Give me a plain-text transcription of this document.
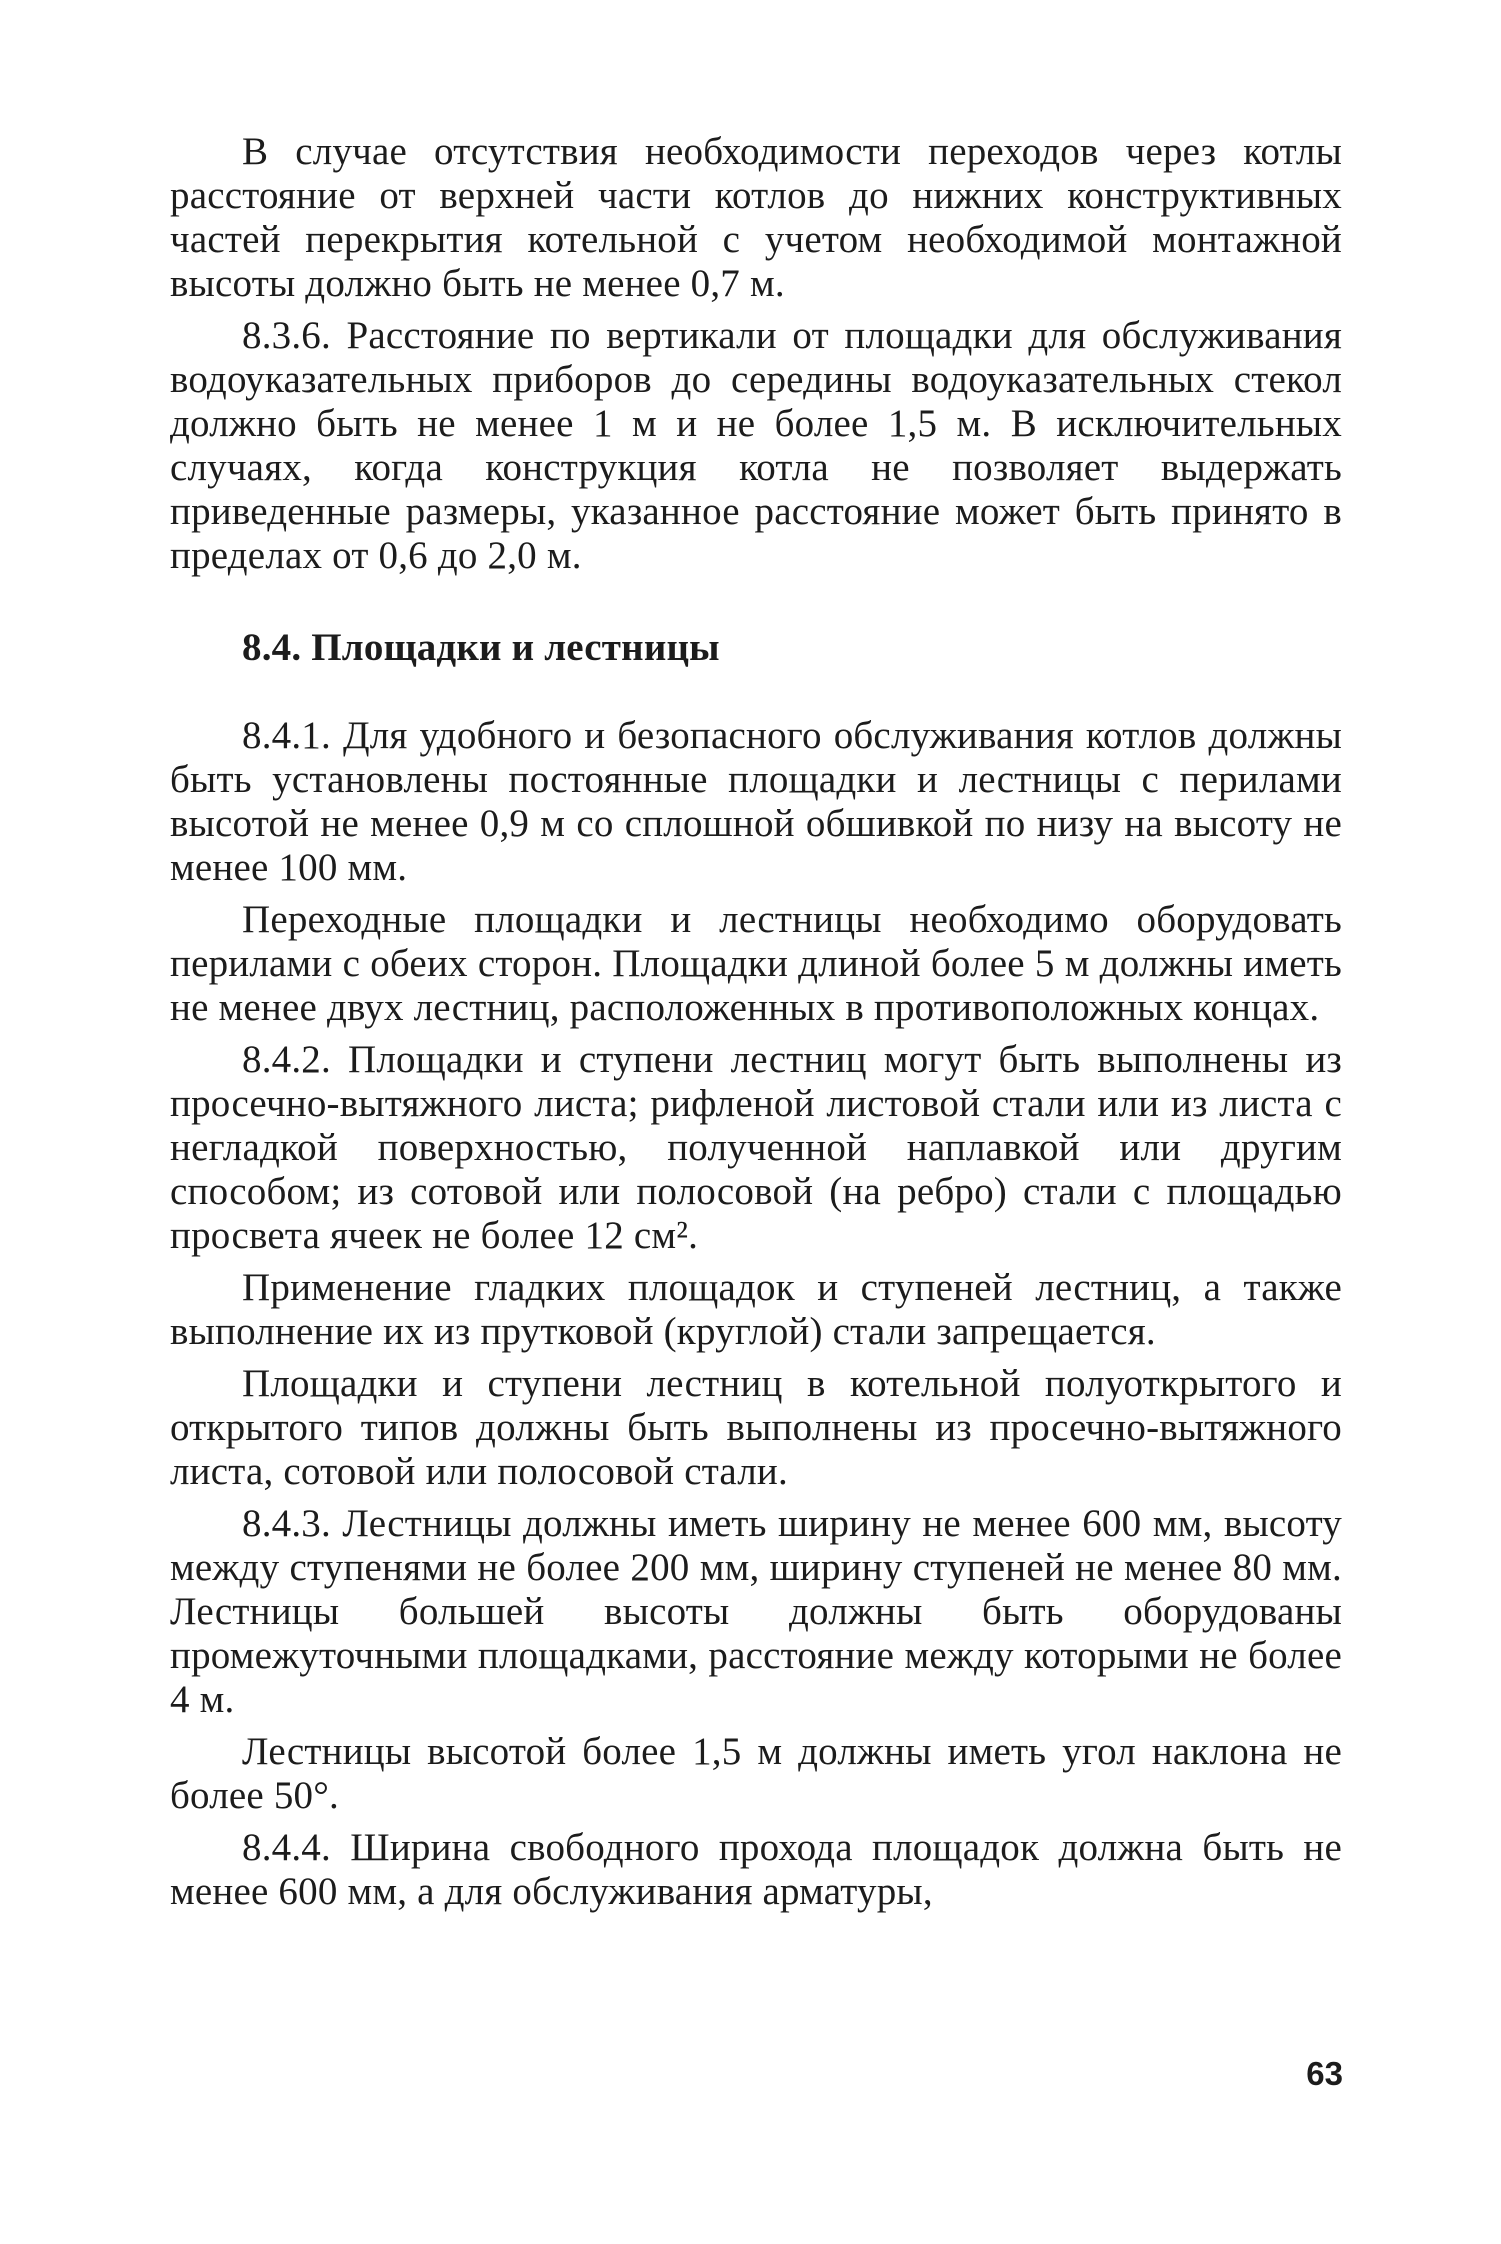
В случае отсутствия необходимости переходов через котлы расстояние от верхней части котлов до нижних конструктивных частей перекрытия котельной с учетом необходимой монтажной высоты должно быть не менее 0,7 м.

8.3.6. Расстояние по вертикали от площадки для обслуживания водоуказательных приборов до середины водоуказательных стекол должно быть не менее 1 м и не более 1,5 м. В исключительных случаях, когда конструкция котла не позволяет выдержать приведенные размеры, указанное расстояние может быть принято в пределах от 0,6 до 2,0 м.

8.4. Площадки и лестницы

8.4.1. Для удобного и безопасного обслуживания котлов должны быть установлены постоянные площадки и лестницы с перилами высотой не менее 0,9 м со сплошной обшивкой по низу на высоту не менее 100 мм.

Переходные площадки и лестницы необходимо оборудовать перилами с обеих сторон. Площадки длиной более 5 м должны иметь не менее двух лестниц, расположенных в противоположных концах.

8.4.2. Площадки и ступени лестниц могут быть выполнены из просечно-вытяжного листа; рифленой листовой стали или из листа с негладкой поверхностью, полученной наплавкой или другим способом; из сотовой или полосовой (на ребро) стали с площадью просвета ячеек не более 12 см².

Применение гладких площадок и ступеней лестниц, а также выполнение их из прутковой (круглой) стали запрещается.

Площадки и ступени лестниц в котельной полуоткрытого и открытого типов должны быть выполнены из просечно-вытяжного листа, сотовой или полосовой стали.

8.4.3. Лестницы должны иметь ширину не менее 600 мм, высоту между ступенями не более 200 мм, ширину ступеней не менее 80 мм. Лестницы большей высоты должны быть оборудованы промежуточными площадками, расстояние между которыми не более 4 м.

Лестницы высотой более 1,5 м должны иметь угол наклона не более 50°.

8.4.4. Ширина свободного прохода площадок должна быть не менее 600 мм, а для обслуживания арматуры,

63
